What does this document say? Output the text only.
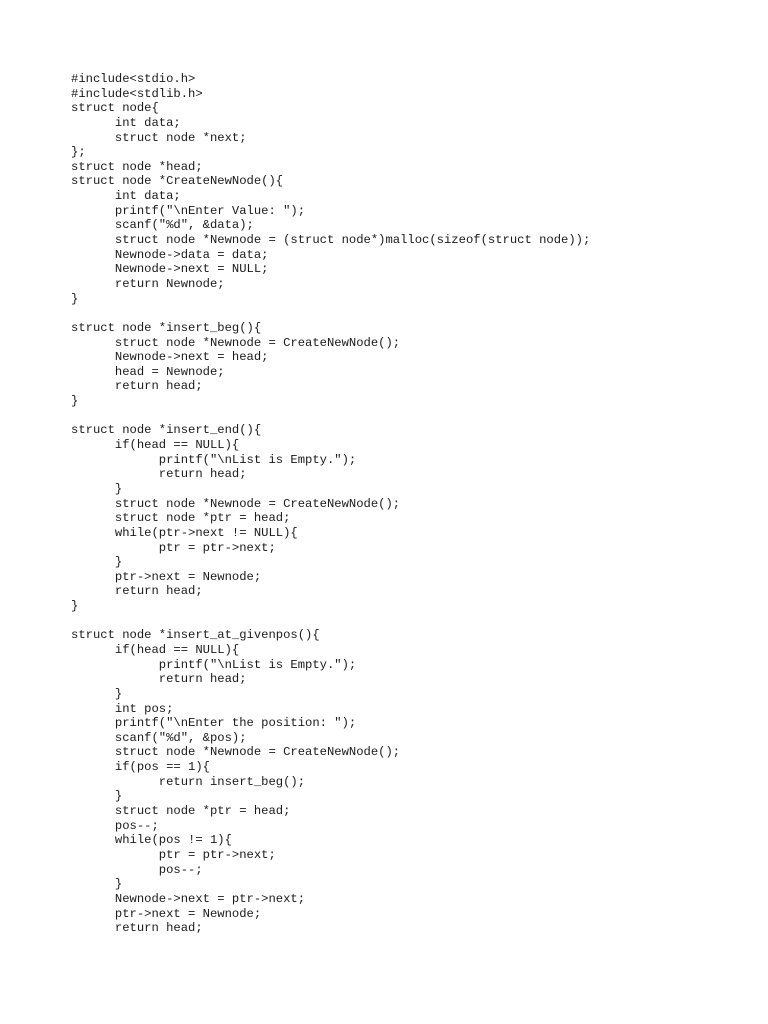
#include<stdio.h>
#include<stdlib.h>
struct node{
int data;
struct node *next;
};
struct node *head;
struct node *CreateNewNode(){
int data;
printf("\nEnter Value: ");
scanf("%d", &data);
struct node *Newnode = (struct node*)malloc(sizeof(struct node));
Newnode->data = data;
Newnode->next = NULL;
return Newnode;
}
struct node *insert_beg(){
struct node *Newnode = CreateNewNode();
Newnode->next = head;
head = Newnode;
return head;
}
struct node *insert_end(){
if(head == NULL){
printf("\nList is Empty.");
return head;
}
struct node *Newnode = CreateNewNode();
struct node *ptr = head;
while(ptr->next != NULL){
ptr = ptr->next;
}
ptr->next = Newnode;
return head;
}
struct node *insert_at_givenpos(){
if(head == NULL){
printf("\nList is Empty.");
return head;
}
int pos;
printf("\nEnter the position: ");
scanf("%d", &pos);
struct node *Newnode = CreateNewNode();
if(pos == 1){
return insert_beg();
}
struct node *ptr = head;
pos--;
while(pos != 1){
ptr = ptr->next;
pos--;
}
Newnode->next = ptr->next;
ptr->next = Newnode;
return head;
